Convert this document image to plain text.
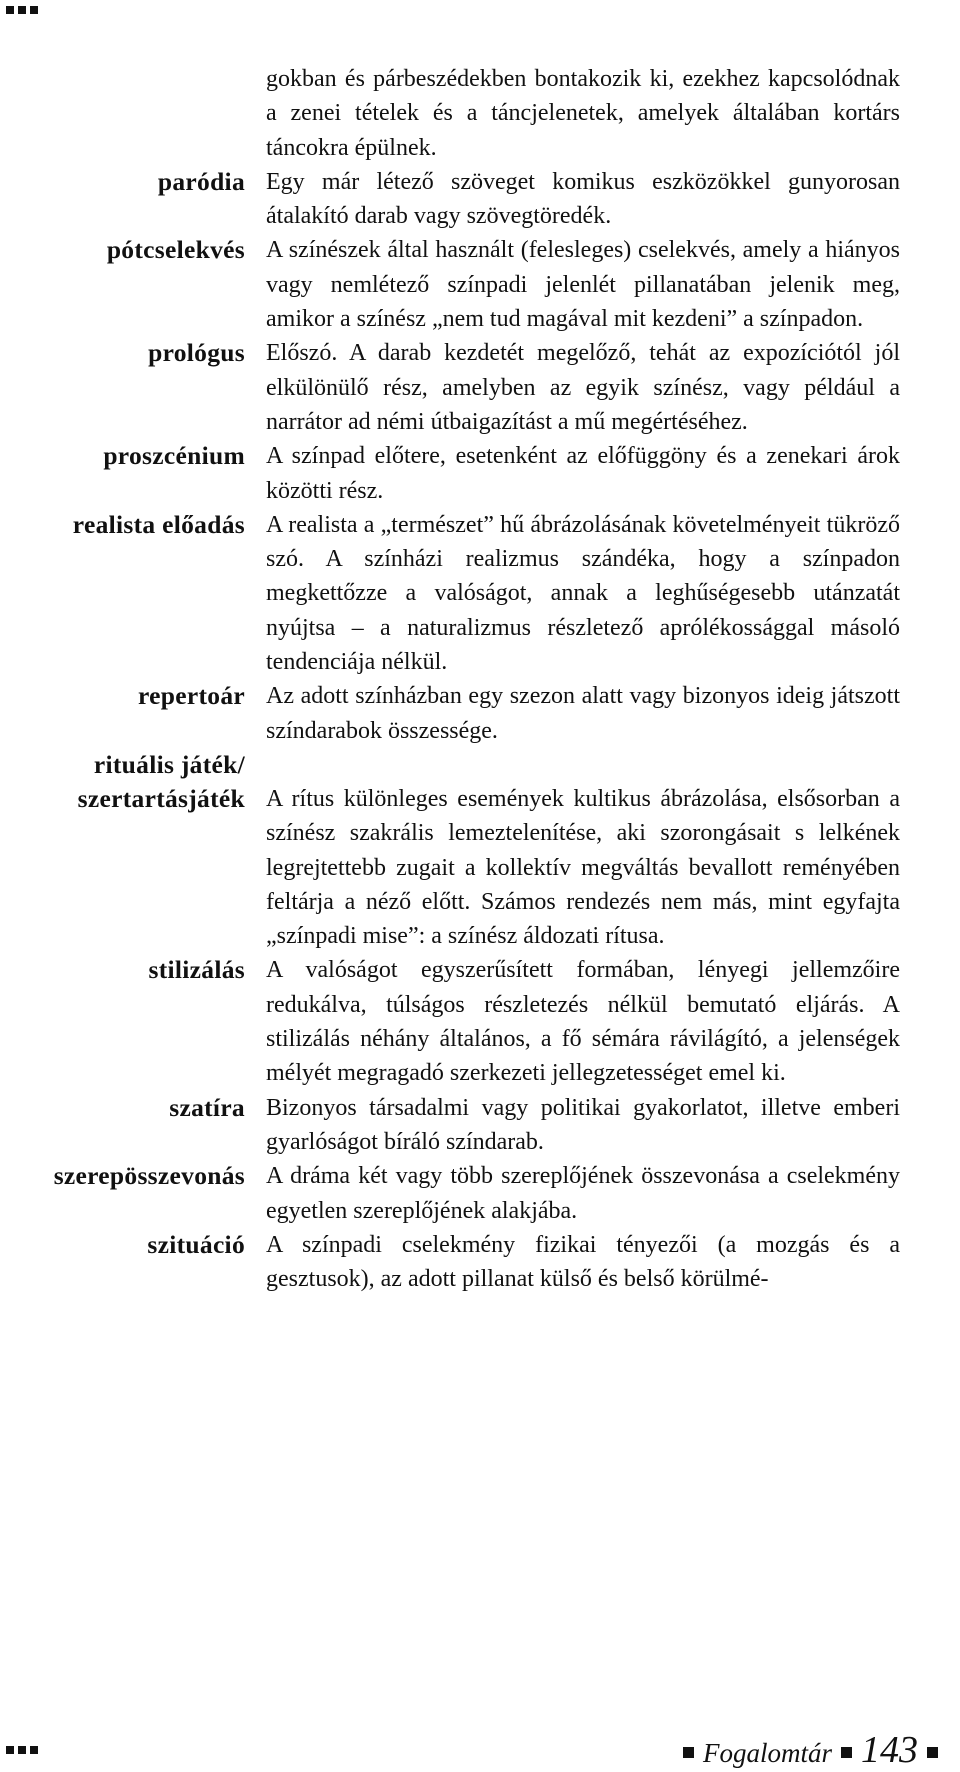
gokban és párbeszédekben bontakozik ki, ezekhez kapcsolódnak a zenei tételek és a táncjelenetek, amelyek általában kortárs táncokra épülnek.
paródia Egy már létező szöveget komikus eszközökkel gunyorosan átalakító darab vagy szövegtöredék.
pótcselekvés A színészek által használt (felesleges) cselekvés, amely a hiányos vagy nemlétező színpadi jelenlét pillanatában jelenik meg, amikor a színész „nem tud magával mit kezdeni” a színpadon.
prológus Előszó. A darab kezdetét megelőző, tehát az expozíciótól jól elkülönülő rész, amelyben az egyik színész, vagy például a narrátor ad némi útbaigazítást a mű megértéséhez.
proszcénium A színpad előtere, esetenként az előfüggöny és a zenekari árok közötti rész.
realista előadás A realista a „természet” hű ábrázolásának követelményeit tükröző szó. A színházi realizmus szándéka, hogy a színpadon megkettőzze a valóságot, annak a leghűségesebb utánzatát nyújtsa – a naturalizmus részletező aprólékossággal másoló tendenciája nélkül.
repertoár Az adott színházban egy szezon alatt vagy bizonyos ideig játszott színdarabok összessége.
rituális játék/
szertartásjáték A rítus különleges események kultikus ábrázolása, elsősorban a színész szakrális lemeztelenítése, aki szorongásait s lelkének legrejtettebb zugait a kollektív megváltás bevallott reményében feltárja a néző előtt. Számos rendezés nem más, mint egyfajta „színpadi mise”: a színész áldozati rítusa.
stilizálás A valóságot egyszerűsített formában, lényegi jellemzőire redukálva, túlságos részletezés nélkül bemutató eljárás. A stilizálás néhány általános, a fő sémára rávilágító, a jelenségek mélyét megragadó szerkezeti jellegzetességet emel ki.
szatíra Bizonyos társadalmi vagy politikai gyakorlatot, illetve emberi gyarlóságot bíráló színdarab.
szerepösszevonás A dráma két vagy több szereplőjének összevonása a cselekmény egyetlen szereplőjének alakjába.
szituáció A színpadi cselekmény fizikai tényezői (a mozgás és a gesztusok), az adott pillanat külső és belső körülmé-
Fogalomtár 143
